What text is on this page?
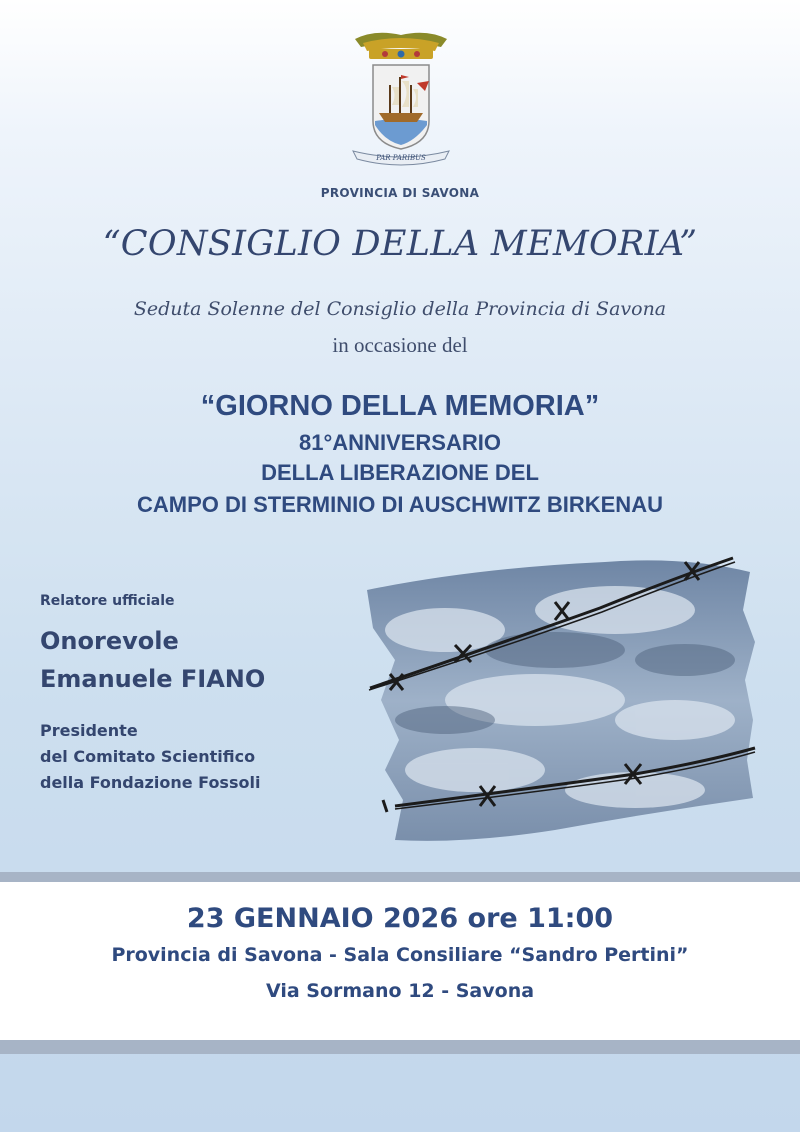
PAR PARIBUS
PROVINCIA DI SAVONA
“CONSIGLIO DELLA MEMORIA”
Seduta Solenne del Consiglio della Provincia di Savona
in occasione del
“GIORNO DELLA MEMORIA”
81°ANNIVERSARIO
DELLA LIBERAZIONE DEL
CAMPO DI STERMINIO DI AUSCHWITZ BIRKENAU
Relatore ufficiale
Onorevole
Emanuele FIANO
Presidente
del Comitato Scientifico
della Fondazione Fossoli
23 GENNAIO 2026 ore 11:00
Provincia di Savona - Sala Consiliare “Sandro Pertini”
Via Sormano 12 - Savona
